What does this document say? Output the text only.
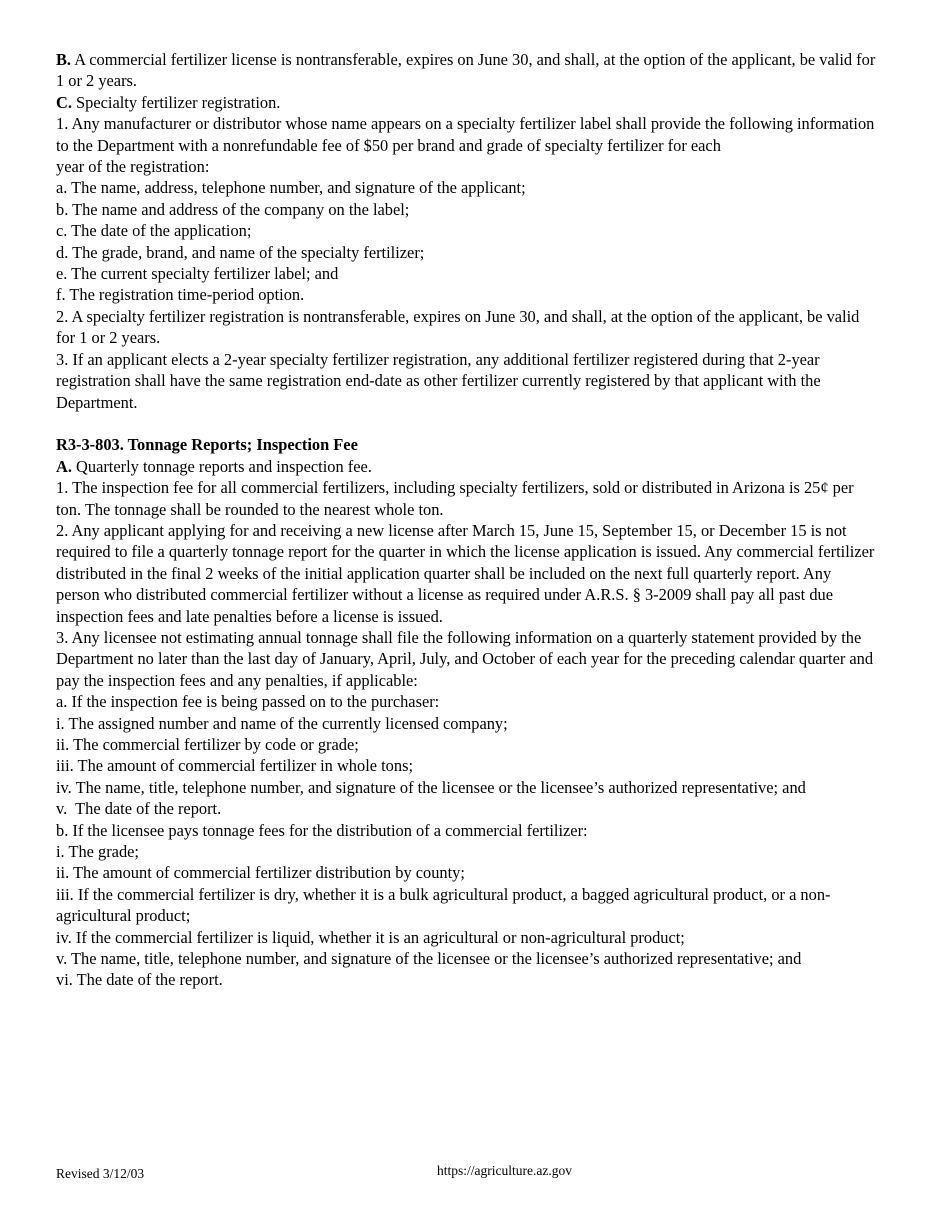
B. A commercial fertilizer license is nontransferable, expires on June 30, and shall, at the option of the applicant, be valid for 1 or 2 years.
C. Specialty fertilizer registration.
1. Any manufacturer or distributor whose name appears on a specialty fertilizer label shall provide the following information to the Department with a nonrefundable fee of $50 per brand and grade of specialty fertilizer for each
year of the registration:
a. The name, address, telephone number, and signature of the applicant;
b. The name and address of the company on the label;
c. The date of the application;
d. The grade, brand, and name of the specialty fertilizer;
e. The current specialty fertilizer label; and
f. The registration time-period option.
2. A specialty fertilizer registration is nontransferable, expires on June 30, and shall, at the option of the applicant, be valid for 1 or 2 years.
3. If an applicant elects a 2-year specialty fertilizer registration, any additional fertilizer registered during that 2-year registration shall have the same registration end-date as other fertilizer currently registered by that applicant with the Department.
R3-3-803. Tonnage Reports; Inspection Fee
A. Quarterly tonnage reports and inspection fee.
1. The inspection fee for all commercial fertilizers, including specialty fertilizers, sold or distributed in Arizona is 25¢ per ton. The tonnage shall be rounded to the nearest whole ton.
2. Any applicant applying for and receiving a new license after March 15, June 15, September 15, or December 15 is not required to file a quarterly tonnage report for the quarter in which the license application is issued. Any commercial fertilizer distributed in the final 2 weeks of the initial application quarter shall be included on the next full quarterly report. Any person who distributed commercial fertilizer without a license as required under A.R.S. § 3-2009 shall pay all past due inspection fees and late penalties before a license is issued.
3. Any licensee not estimating annual tonnage shall file the following information on a quarterly statement provided by the Department no later than the last day of January, April, July, and October of each year for the preceding calendar quarter and pay the inspection fees and any penalties, if applicable:
a. If the inspection fee is being passed on to the purchaser:
i. The assigned number and name of the currently licensed company;
ii. The commercial fertilizer by code or grade;
iii. The amount of commercial fertilizer in whole tons;
iv. The name, title, telephone number, and signature of the licensee or the licensee’s authorized representative; and
v.  The date of the report.
b. If the licensee pays tonnage fees for the distribution of a commercial fertilizer:
i. The grade;
ii. The amount of commercial fertilizer distribution by county;
iii. If the commercial fertilizer is dry, whether it is a bulk agricultural product, a bagged agricultural product, or a non-agricultural product;
iv. If the commercial fertilizer is liquid, whether it is an agricultural or non-agricultural product;
v. The name, title, telephone number, and signature of the licensee or the licensee’s authorized representative; and
vi. The date of the report.
Revised 3/12/03	https://agriculture.az.gov
